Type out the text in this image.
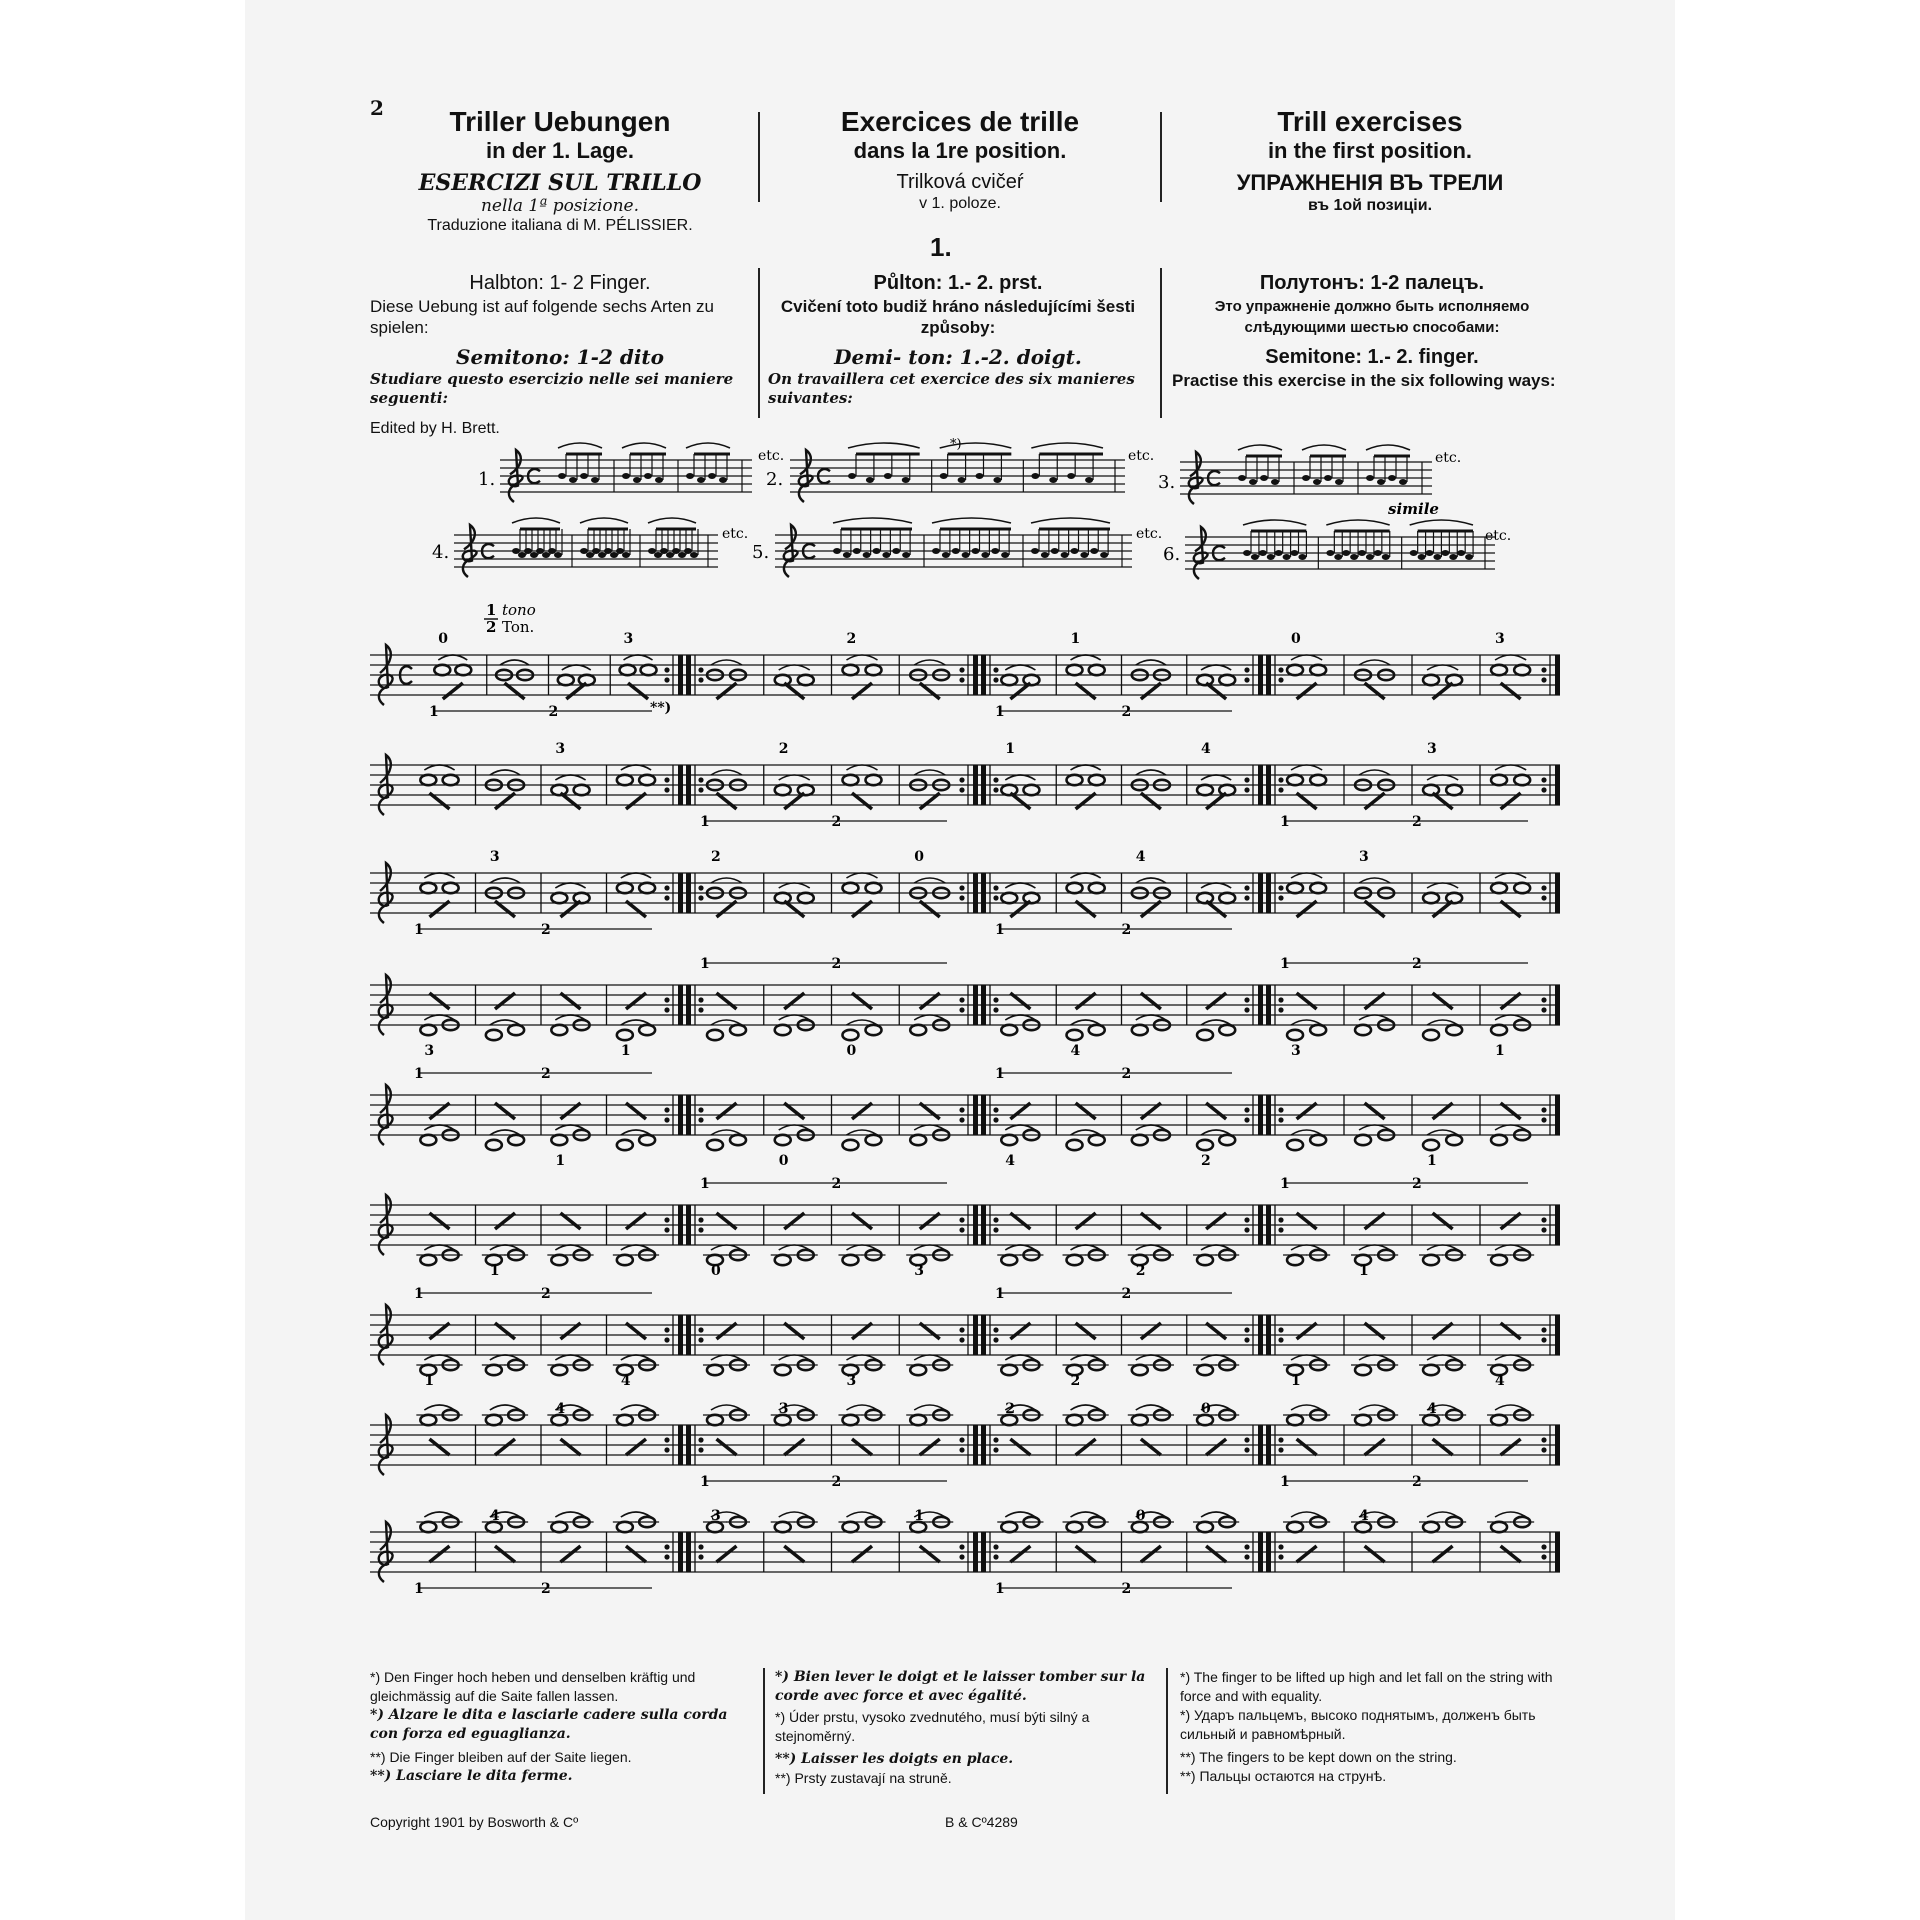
2	Triller Uebungen
in der 1. Lage.
ESERCIZI SUL TRILLO
nella 1ª posizione.
Traduzione italiana di M. PÉLISSIER.
Exercices de trille
dans la 1re position.
Trilková cvičeŕ
v 1. poloze.
Trill exercises
in the first position.
УПРАЖНЕНІЯ ВЪ ТРЕЛИ
въ 1ой позиціи.
1.
Halbton: 1- 2 Finger.
Diese Uebung ist auf folgende sechs Arten zu spielen:
Semitono: 1-2 dito
Studiare questo esercizio nelle sei maniere seguenti:
Půlton: 1.- 2. prst.
Cvičení toto budiž hráno následujícími šesti způsoby:
Demi- ton: 1.-2. doigt.
On travaillera cet exercice des six manieres suivantes:
Полутонъ: 1-2 палецъ.
Это упражненіе должно быть исполняемо слѣдующими шестью способами:
Semitone: 1.- 2. finger.
Practise this exercise in the six following ways:
Edited by H. Brett.
1.
etc.
2.
etc.
*)
3.
etc.
simile
4.
etc.
5.
etc.
6.
etc.
1
2
tono
Ton.
0	3
1	2
2	1
1	2
0	3
3	2
1	2
1	4	3
1	2
3
1	2
2	0	4
1	2
3
3	1	0
1	2
4	3	1
1	2
1
1	2
0	4	2
1	2
1
1	0	3
1	2
2	1
1	2
1	4
1	2
3	2
1	2
1	4
4	3
1	2
2	0	4
1	2
4
1	2
3	1	0
1	2
4
**)
*) Den Finger hoch heben und denselben kräftig und gleichmässig auf die Saite fallen lassen.
*) Alzare le dita e lasciarle cadere sulla corda con forza ed eguaglianza.
**) Die Finger bleiben auf der Saite liegen.
**) Lasciare le dita ferme.
*) Bien lever le doigt et le laisser tomber sur la corde avec force et avec égalité.
*) Úder prstu, vysoko zvednutého, musí býti silný a stejnoměrný.
**) Laisser les doigts en place.
**) Prsty zustavají na struně.
*) The finger to be lifted up high and let fall on the string with force and with equality.
*) Ударъ пальцемъ, высоко поднятымъ, долженъ быть сильный и равномѣрный.
**) The fingers to be kept down on the string.
**) Пальцы остаются на струнѣ.
Copyright 1901 by Bosworth & Cº	B & Cº4289
